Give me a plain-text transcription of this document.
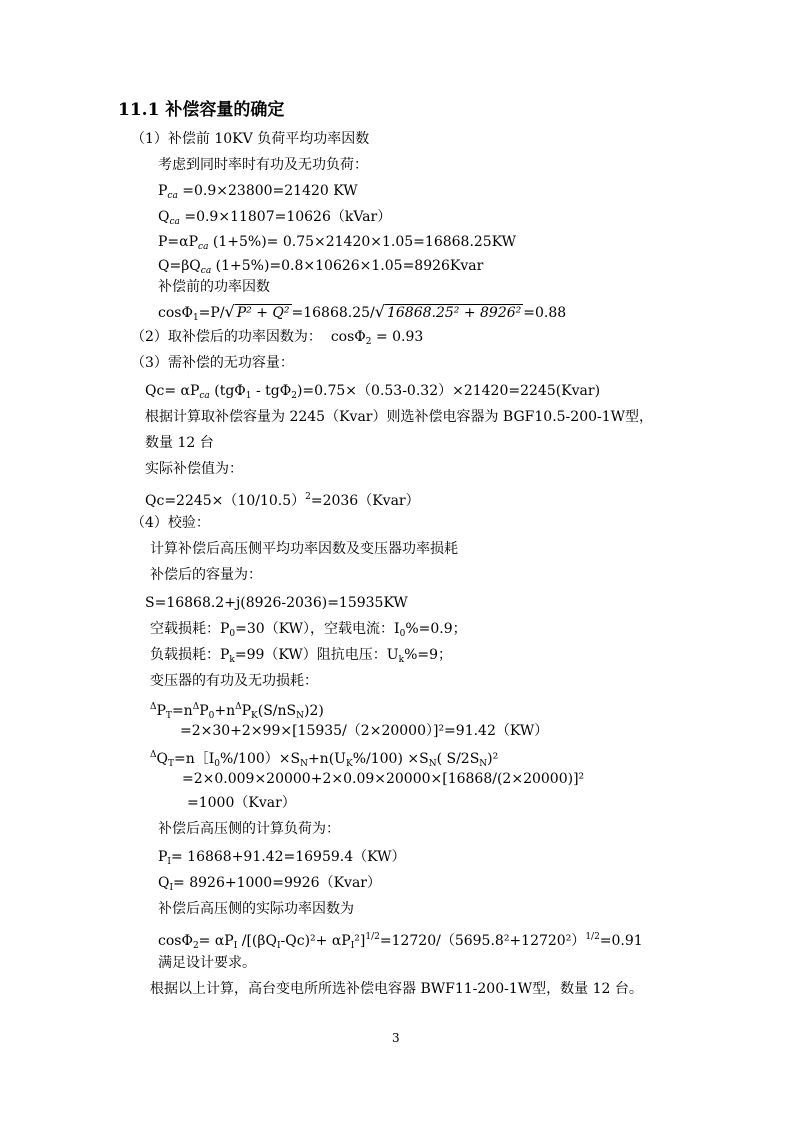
11.1 补偿容量的确定
（1）补偿前 10KV 负荷平均功率因数
考虑到同时率时有功及无功负荷：
$P_{ca} =0.9\times 23800=21420$ KW
$Q_{ca}$ =0.9×11807=10626（kVar）
$P=\alpha P_{ca}$ (1+5%)= 0.75×21420×1.05=16868.25KW
$Q=\beta Q_{ca}$ (1+5%)=0.8×10626×1.05=8926Kvar
补偿前的功率因数
cosΦ$_1$=P/√ P² + Q² =16868.25/√ 16868.25² + 8926² =0.88
（2）取补偿后的功率因数为： cosΦ$_2$ = 0.93
（3）需补偿的无功容量：
$Qc= \alpha P_{ca}$ (tgΦ$_1$ - tgΦ$_2$)=0.75×（0.53-0.32）×21420=2245(Kvar)
根据计算取补偿容量为 2245（Kvar）则选补偿电容器为 BGF10.5-200-1W型，
数量 12 台
实际补偿值为：
$Qc=2245\times(10/10.5)^2=2036(Kvar)$
（4）校验：
计算补偿后高压侧平均功率因数及变压器功率损耗
补偿后的容量为：
S=16868.2+j(8926-2036)=15935KW
空载损耗：$P_0=30(KW)$，空载电流：$I_0\%=0.9$；
负载损耗：$P_k=99(KW)$阻抗电压：$U_k\%=9$；
变压器的有功及无功损耗：
$^\Delta P_T=n^\Delta P_0+n^\Delta P_K(S/nS_N)2$)
=2×30+2×99×[15935/（2×20000）]²=91.42（KW）
$^\Delta Q_T=n[I_0\%/100)\times S_N+n(U_K\%/100) \times S_N$( $S/2S_N)^2$
=2×0.009×20000+2×0.09×20000×[16868/(2×20000)]²
=1000（Kvar）
补偿后高压侧的计算负荷为：
$P_I= 16868+91.42=16959.4(KW)$
$Q_I=$ 8926+1000=9926（Kvar）
补偿后高压侧的实际功率因数为
$\cos\Phi_2= \alpha P_I$ $/[(\beta Q_I-Qc)^2+ \alpha P_I^2]^{1/2}=12720/(5695.8^2+12720^2)^{1/2}=0.91$
满足设计要求。
根据以上计算，高台变电所所选补偿电容器 BWF11-200-1W型，数量 12 台。
3
